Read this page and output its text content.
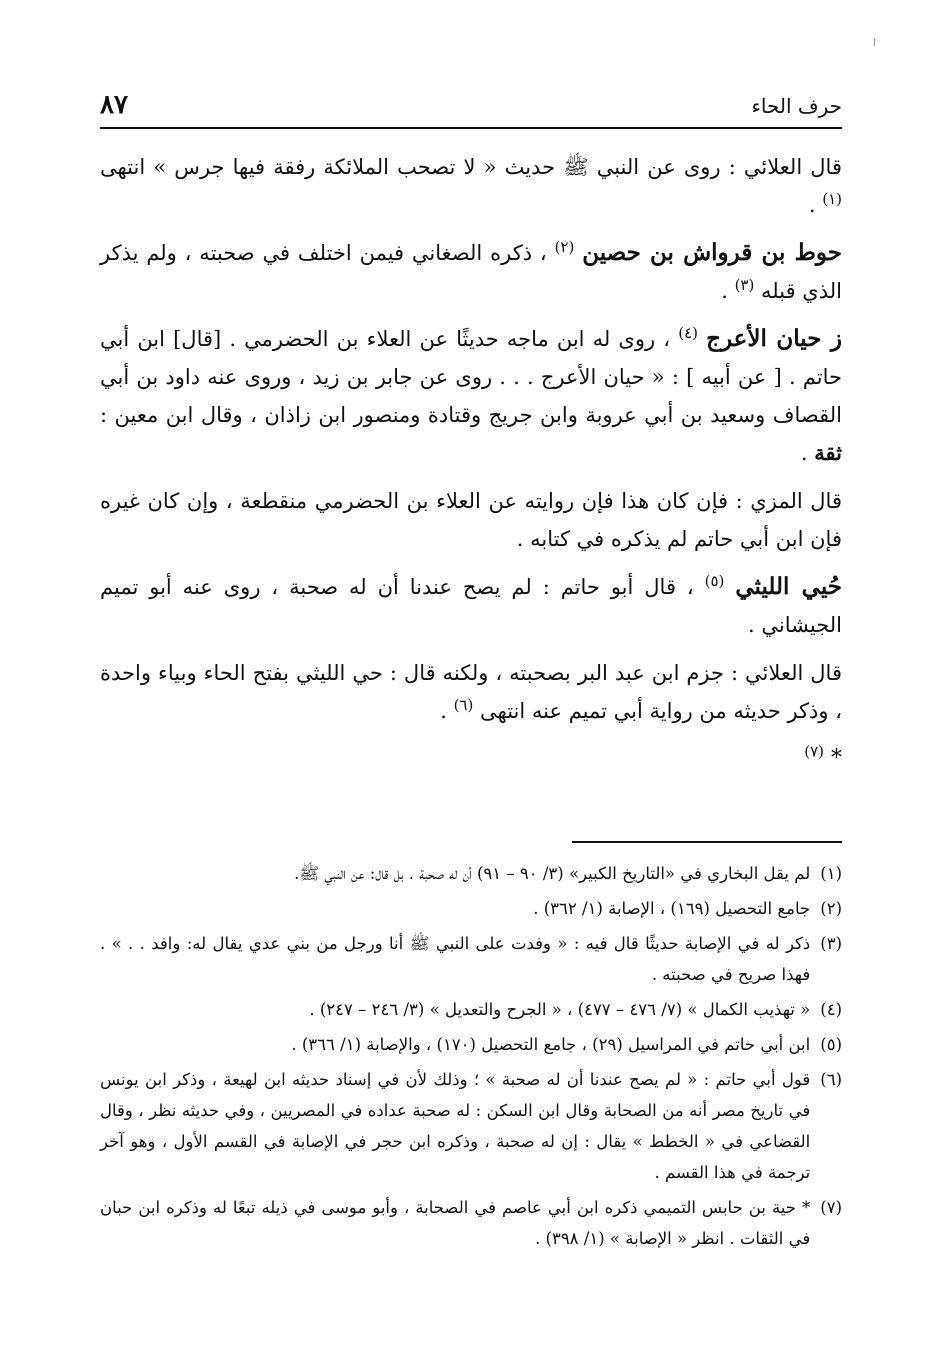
٨٧	حرف الحاء

قال العلائي : روى عن النبي ﷺ حديث « لا تصحب الملائكة رفقة فيها جرس » انتهى $^{(١)}$ .

حوط بن قرواش بن حصين $^{(٢)}$ ، ذكره الصغاني فيمن اختلف في صحبته ، ولم يذكر الذي قبله $^{(٣)}$ .

ز حيان الأعرج $^{(٤)}$ ، روى له ابن ماجه حديثًا عن العلاء بن الحضرمي . [قال] ابن أبي حاتم . [ عن أبيه ] : « حيان الأعرج . . . روى عن جابر بن زيد ، وروى عنه داود بن أبي القصاف وسعيد بن أبي عروبة وابن جريج وقتادة ومنصور ابن زاذان ، وقال ابن معين : ثقة .

قال المزي : فإن كان هذا فإن روايته عن العلاء بن الحضرمي منقطعة ، وإن كان غيره فإن ابن أبي حاتم لم يذكره في كتابه .

حُيي الليثي $^{(٥)}$ ، قال أبو حاتم : لم يصح عندنا أن له صحبة ، روى عنه أبو تميم الجيشاني .

قال العلائي : جزم ابن عبد البر بصحبته ، ولكنه قال : حي الليثي بفتح الحاء وبياء واحدة ، وذكر حديثه من رواية أبي تميم عنه انتهى $^{(٦)}$ .

* $^{(٧)}$

(١)
لم يقل البخاري في «التاريخ الكبير» (٣/ ٩٠ – ٩١) أن له صحبة . بل قال: عن النبي ﷺ.
(٢)
جامع التحصيل (١٦٩) ، الإصابة (١/ ٣٦٢) .
(٣)
ذكر له في الإصابة حديثًا قال فيه : « وفدت على النبي ﷺ أنا ورجل من بني عدي يقال له: وافد . . » . فهذا صريح في صحبته .
(٤)
« تهذيب الكمال » (٧/ ٤٧٦ – ٤٧٧) ، « الجرح والتعديل » (٣/ ٢٤٦ – ٢٤٧) .
(٥)
ابن أبي حاتم في المراسيل (٢٩) ، جامع التحصيل (١٧٠) ، والإصابة (١/ ٣٦٦) .
(٦)
قول أبي حاتم : « لم يصح عندنا أن له صحبة » ؛ وذلك لأن في إسناد حديثه ابن لهيعة ، وذكر ابن يونس في تاريخ مصر أنه من الصحابة وقال ابن السكن : له صحبة عداده في المصريين ، وفي حديثه نظر ، وقال القضاعي في « الخطط » يقال : إن له صحبة ، وذكره ابن حجر في الإصابة في القسم الأول ، وهو آخر ترجمة في هذا القسم .
(٧)
* حية بن حابس التميمي ذكره ابن أبي عاصم في الصحابة ، وأبو موسى في ذيله تبعًا له وذكره ابن حبان في الثقات . انظر « الإصابة » (١/ ٣٩٨) .
